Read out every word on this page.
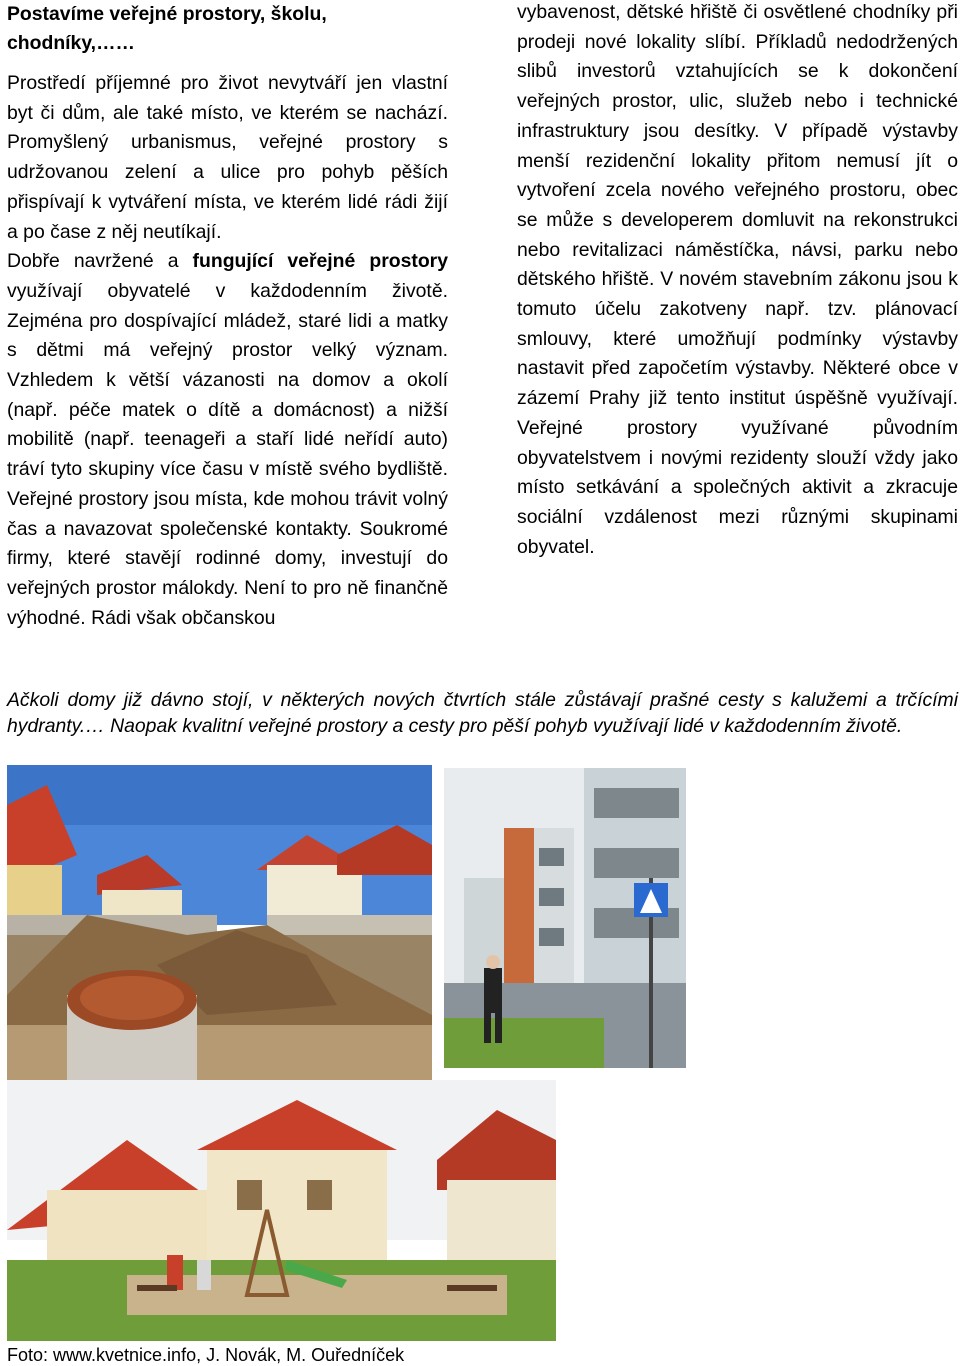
Postavíme veřejné prostory, školu, chodníky,……

Prostředí příjemné pro život nevytváří jen vlastní byt či dům, ale také místo, ve kterém se nachází. Promyšlený urbanismus, veřejné prostory s udržovanou zelení a ulice pro pohyb pěších přispívají k vytváření místa, ve kterém lidé rádi žijí a po čase z něj neutíkají.

Dobře navržené a fungující veřejné prostory využívají obyvatelé v každodenním životě. Zejména pro dospívající mládež, staré lidi a matky s dětmi má veřejný prostor velký význam. Vzhledem k větší vázanosti na domov a okolí (např. péče matek o dítě a domácnost) a nižší mobilitě (např. teenageři a staří lidé neřídí auto) tráví tyto skupiny více času v místě svého bydliště. Veřejné prostory jsou místa, kde mohou trávit volný čas a navazovat společenské kontakty. Soukromé firmy, které stavějí rodinné domy, investují do veřejných prostor málokdy. Není to pro ně finančně výhodné. Rádi však občanskou

vybavenost, dětské hřiště či osvětlené chodníky při prodeji nové lokality slíbí. Příkladů nedodržených slibů investorů vztahujících se k dokončení veřejných prostor, ulic, služeb nebo i technické infrastruktury jsou desítky. V případě výstavby menší rezidenční lokality přitom nemusí jít o vytvoření zcela nového veřejného prostoru, obec se může s developerem domluvit na rekonstrukci nebo revitalizaci náměstíčka, návsi, parku nebo dětského hřiště. V novém stavebním zákonu jsou k tomuto účelu zakotveny např. tzv. plánovací smlouvy, které umožňují podmínky výstavby nastavit před započetím výstavby. Některé obce v zázemí Prahy již tento institut úspěšně využívají. Veřejné prostory využívané původním obyvatelstvem i novými rezidenty slouží vždy jako místo setkávání a společných aktivit a zkracuje sociální vzdálenost mezi různými skupinami obyvatel.

Ačkoli domy již dávno stojí, v některých nových čtvrtích stále zůstávají prašné cesty s kalužemi a trčícími hydranty.… Naopak kvalitní veřejné prostory a cesty pro pěší pohyb využívají lidé v každodenním životě.
Foto: www.kvetnice.info, J. Novák, M. Ouředníček
